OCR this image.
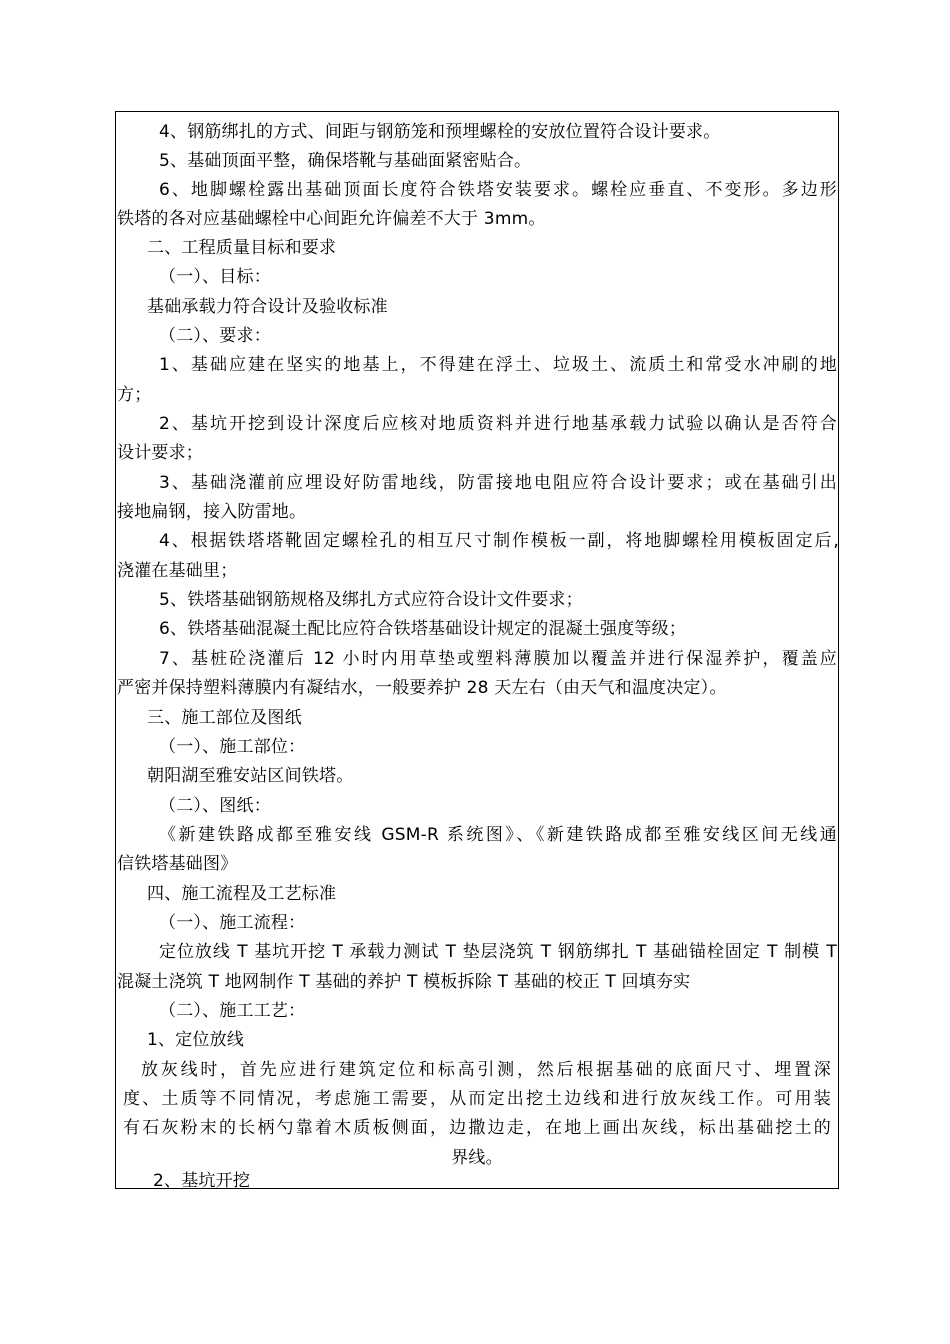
4、钢筋绑扎的方式、间距与钢筋笼和预埋螺栓的安放位置符合设计要求。
5、基础顶面平整，确保塔靴与基础面紧密贴合。
6、地脚螺栓露出基础顶面长度符合铁塔安装要求。螺栓应垂直、不变形。多边形
铁塔的各对应基础螺栓中心间距允许偏差不大于 3mm。
二、工程质量目标和要求
（一）、目标：
基础承载力符合设计及验收标准
（二）、要求：
1、基础应建在坚实的地基上，不得建在浮土、垃圾土、流质土和常受水冲刷的地
方；
2、基坑开挖到设计深度后应核对地质资料并进行地基承载力试验以确认是否符合
设计要求；
3、基础浇灌前应埋设好防雷地线，防雷接地电阻应符合设计要求；或在基础引出
接地扁钢，接入防雷地。
4、根据铁塔塔靴固定螺栓孔的相互尺寸制作模板一副，将地脚螺栓用模板固定后,
浇灌在基础里；
5、铁塔基础钢筋规格及绑扎方式应符合设计文件要求；
6、铁塔基础混凝土配比应符合铁塔基础设计规定的混凝土强度等级；
7、基桩砼浇灌后 12 小时内用草垫或塑料薄膜加以覆盖并进行保湿养护，覆盖应
严密并保持塑料薄膜内有凝结水，一般要养护 28 天左右（由天气和温度决定）。
三、施工部位及图纸
（一）、施工部位：
朝阳湖至雅安站区间铁塔。
（二）、图纸：
《新建铁路成都至雅安线 GSM-R 系统图》、《新建铁路成都至雅安线区间无线通
信铁塔基础图》
四、施工流程及工艺标准
（一）、施工流程：
定位放线 T 基坑开挖 T 承载力测试 T 垫层浇筑 T 钢筋绑扎 T 基础锚栓固定 T 制模 T
混凝土浇筑 T 地网制作 T 基础的养护 T 模板拆除 T 基础的校正 T 回填夯实
（二）、施工工艺：
1、定位放线
放灰线时，首先应进行建筑定位和标高引测，然后根据基础的底面尺寸、埋置深
度、土质等不同情况，考虑施工需要，从而定出挖土边线和进行放灰线工作。可用装
有石灰粉末的长柄勺靠着木质板侧面，边撒边走，在地上画出灰线，标出基础挖土的
界线。
2、基坑开挖
